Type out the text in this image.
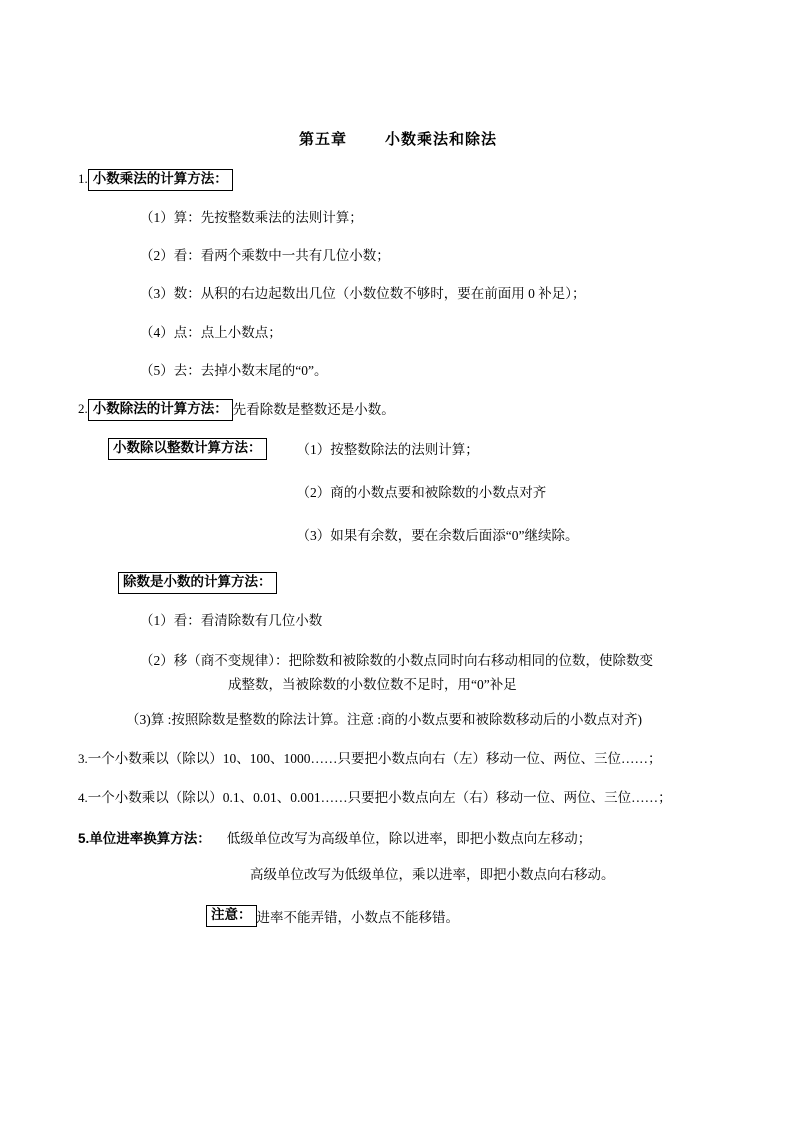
第五章	小数乘法和除法
1. 小数乘法的计算方法：
（1）算：先按整数乘法的法则计算；
（2）看：看两个乘数中一共有几位小数；
（3）数：从积的右边起数出几位（小数位数不够时，要在前面用 0 补足）；
（4）点：点上小数点；
（5）去：去掉小数末尾的“0”。
2. 小数除法的计算方法： 先看除数是整数还是小数。
小数除以整数计算方法：	（1）按整数除法的法则计算；

（2）商的小数点要和被除数的小数点对齐

（3）如果有余数，要在余数后面添“0”继续除。

除数是小数的计算方法：
（1）看：看清除数有几位小数
（2）移（商不变规律）：把除数和被除数的小数点同时向右移动相同的位数，使除数变
成整数，当被除数的小数位数不足时，用“0”补足
（3)算 :按照除数是整数的除法计算。注意 :商的小数点要和被除数移动后的小数点对齐)
3.一个小数乘以（除以）10、100、1000……只要把小数点向右（左）移动一位、两位、三位……；
4.一个小数乘以（除以）0.1、0.01、0.001……只要把小数点向左（右）移动一位、两位、三位……；
5.单位进率换算方法：	低级单位改写为高级单位，除以进率，即把小数点向左移动；
高级单位改写为低级单位，乘以进率，即把小数点向右移动。
注意： 进率不能弄错，小数点不能移错。
